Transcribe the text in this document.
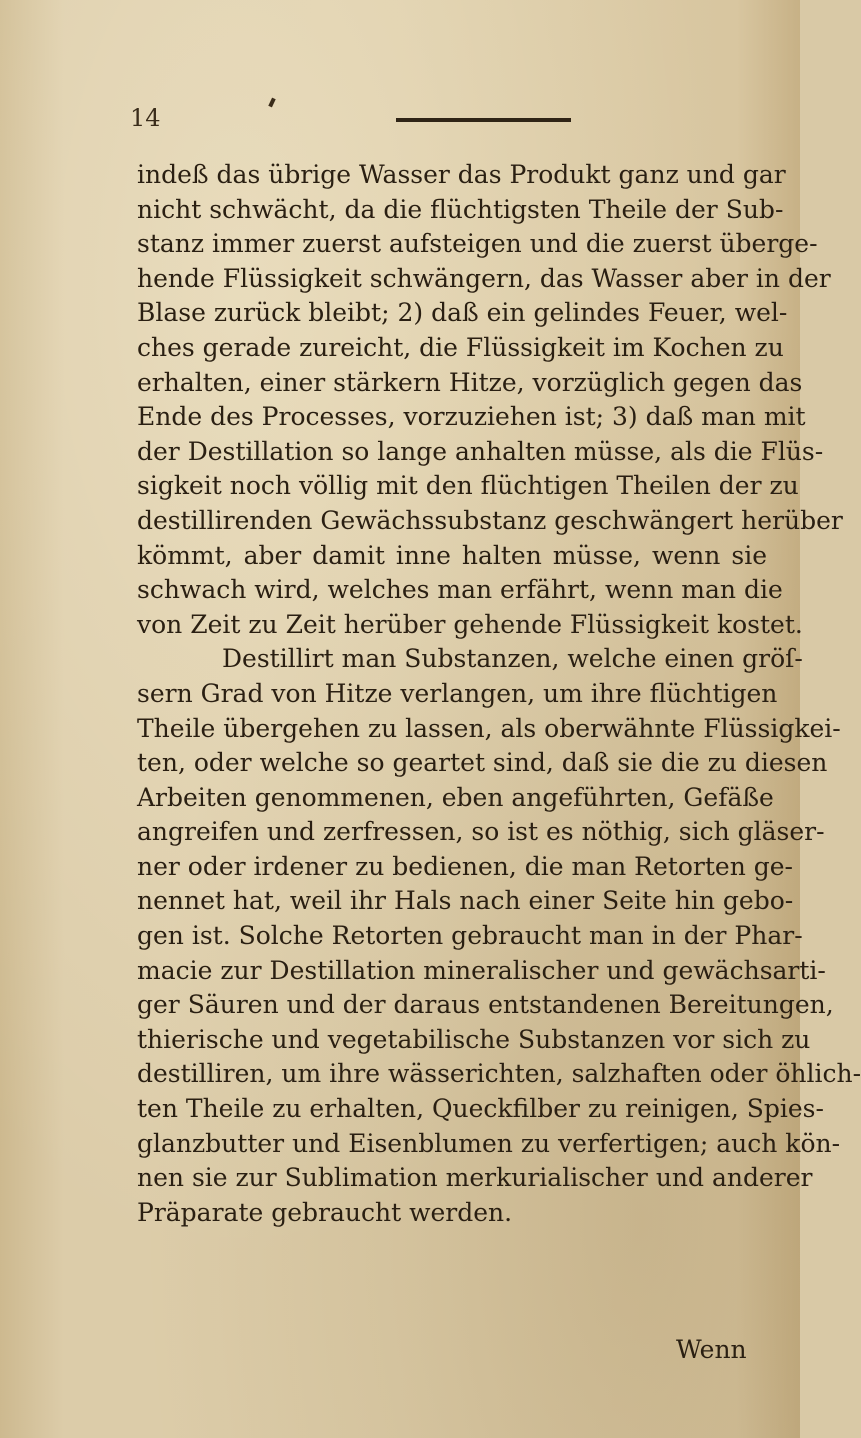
14
indeß das übrige Wasser das Produkt ganz und gar
nicht schwächt, da die flüchtigsten Theile der Sub-
stanz immer zuerst aufsteigen und die zuerst überge-
hende Flüssigkeit schwängern, das Wasser aber in der
Blase zurück bleibt; 2) daß ein gelindes Feuer, wel-
ches gerade zureicht, die Flüssigkeit im Kochen zu
erhalten, einer stärkern Hitze, vorzüglich gegen das
Ende des Processes, vorzuziehen ist; 3) daß man mit
der Destillation so lange anhalten müsse, als die Flüs-
sigkeit noch völlig mit den flüchtigen Theilen der zu
destillirenden Gewächssubstanz geschwängert herüber
kömmt, aber damit inne halten müsse, wenn sie
schwach wird, welches man erfährt, wenn man die
von Zeit zu Zeit herüber gehende Flüssigkeit kostet.
Destillirt man Substanzen, welche einen gröſ-
sern Grad von Hitze verlangen, um ihre flüchtigen
Theile übergehen zu lassen, als oberwähnte Flüssigkei-
ten, oder welche so geartet sind, daß sie die zu diesen
Arbeiten genommenen, eben angeführten, Gefäße
angreifen und zerfressen, so ist es nöthig, sich gläser-
ner oder irdener zu bedienen, die man Retorten ge-
nennet hat, weil ihr Hals nach einer Seite hin gebo-
gen ist. Solche Retorten gebraucht man in der Phar-
macie zur Destillation mineralischer und gewächsarti-
ger Säuren und der daraus entstandenen Bereitungen,
thierische und vegetabilische Substanzen vor sich zu
destilliren, um ihre wässerichten, salzhaften oder öhlich-
ten Theile zu erhalten, Queckfilber zu reinigen, Spies-
glanzbutter und Eisenblumen zu verfertigen; auch kön-
nen sie zur Sublimation merkurialischer und anderer
Präparate gebraucht werden.
Wenn
